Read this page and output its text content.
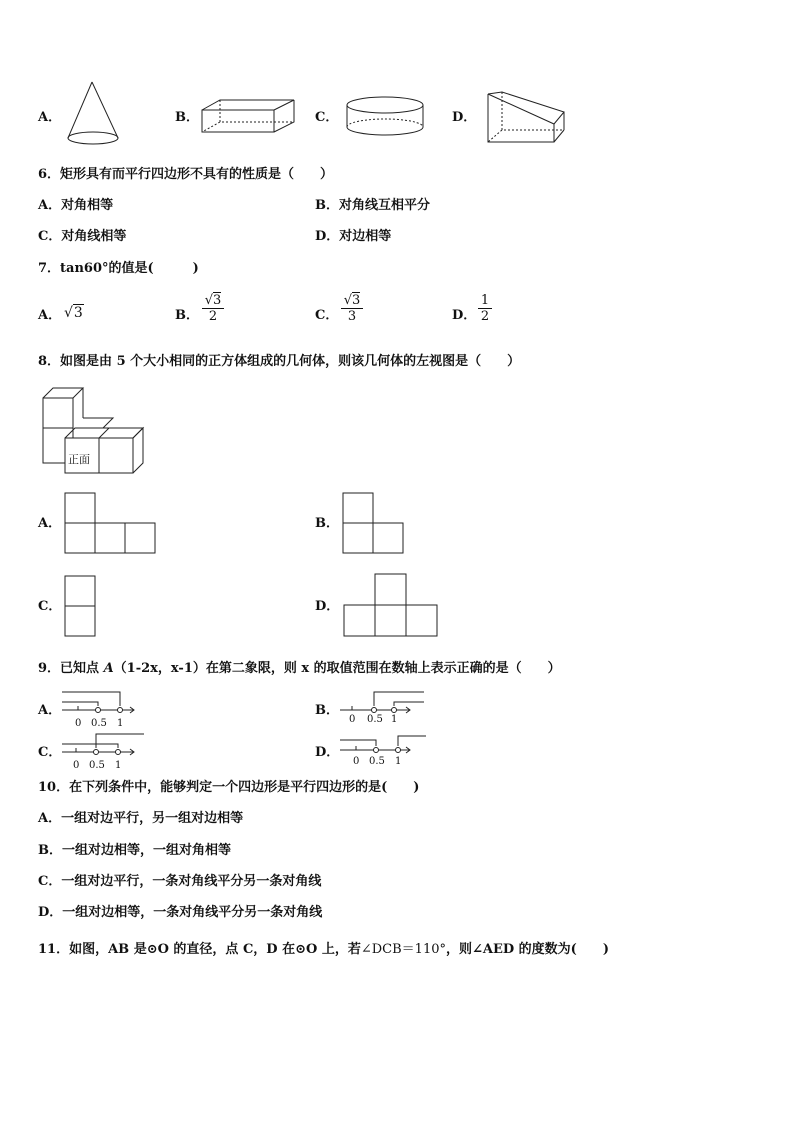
A．	B．	C．	D．
6．矩形具有而平行四边形不具有的性质是（　　）
A．对角相等	B．对角线互相平分
C．对角线相等	D．对边相等
7．tan60°的值是(　　　)
A． √3	B．
√3
2	C．
√3
3	D．
1
2
8．如图是由 5 个大小相同的正方体组成的几何体，则该几何体的左视图是（　　）
正面
A．	B．
C．	D．
9．已知点 A（1-2x，x-1）在第二象限，则 x 的取值范围在数轴上表示正确的是（　　）
A．
0 0.5 1
B．
0 0.5 1
C．
0 0.5 1
D．
0 0.5 1
10．在下列条件中，能够判定一个四边形是平行四边形的是(　　)
A．一组对边平行，另一组对边相等
B．一组对边相等，一组对角相等
C．一组对边平行，一条对角线平分另一条对角线
D．一组对边相等，一条对角线平分另一条对角线
11．如图，AB 是⊙O 的直径，点 C，D 在⊙O 上，若∠DCB＝110°，则∠AED 的度数为(　　)
